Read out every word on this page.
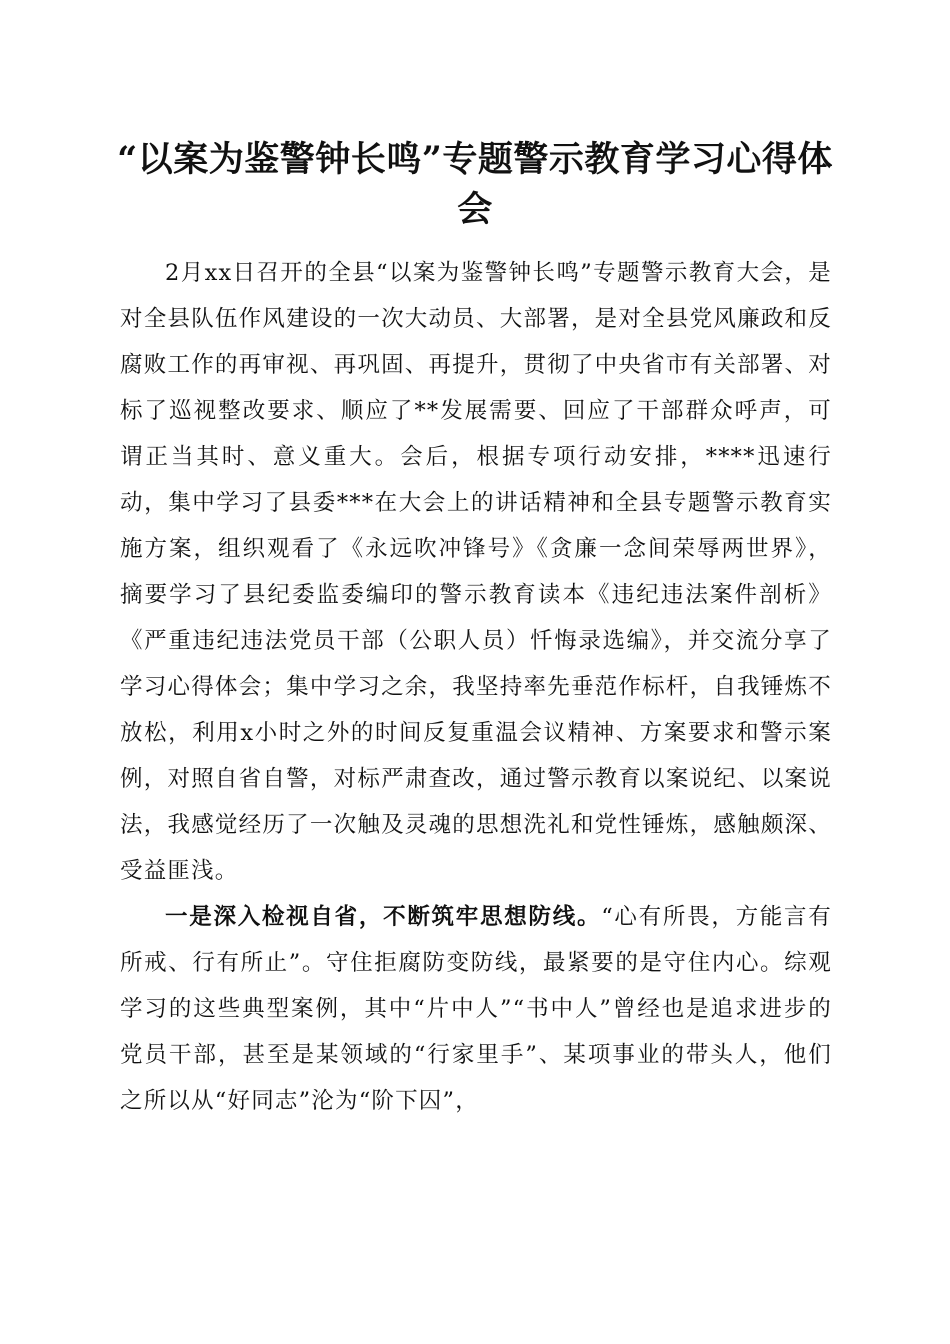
“以案为鉴警钟长鸣”专题警示教育学习心得体会

2月xx日召开的全县“以案为鉴警钟长鸣”专题警示教育大会，是对全县队伍作风建设的一次大动员、大部署，是对全县党风廉政和反腐败工作的再审视、再巩固、再提升，贯彻了中央省市有关部署、对标了巡视整改要求、顺应了**发展需要、回应了干部群众呼声，可谓正当其时、意义重大。会后，根据专项行动安排，****迅速行动，集中学习了县委***在大会上的讲话精神和全县专题警示教育实施方案，组织观看了《永远吹冲锋号》《贪廉一念间荣辱两世界》，摘要学习了县纪委监委编印的警示教育读本《违纪违法案件剖析》《严重违纪违法党员干部（公职人员）忏悔录选编》，并交流分享了学习心得体会；集中学习之余，我坚持率先垂范作标杆，自我锤炼不放松，利用x小时之外的时间反复重温会议精神、方案要求和警示案例，对照自省自警，对标严肃查改，通过警示教育以案说纪、以案说法，我感觉经历了一次触及灵魂的思想洗礼和党性锤炼，感触颇深、受益匪浅。

一是深入检视自省，不断筑牢思想防线。“心有所畏，方能言有所戒、行有所止”。守住拒腐防变防线，最紧要的是守住内心。综观学习的这些典型案例，其中“片中人”“书中人”曾经也是追求进步的党员干部，甚至是某领域的“行家里手”、某项事业的带头人，他们之所以从“好同志”沦为“阶下囚”，
